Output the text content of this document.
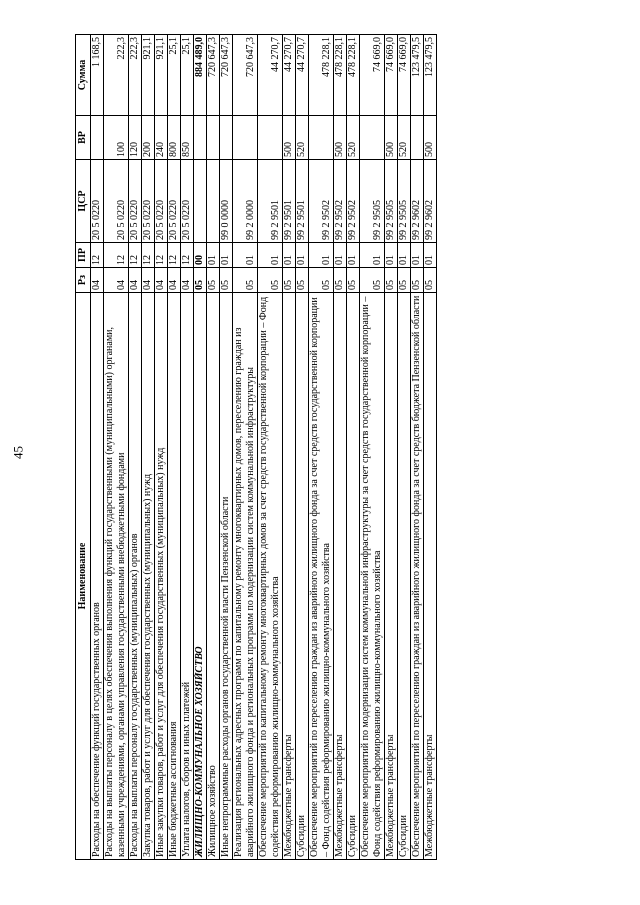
45
Наименование	Рз	ПР	ЦСР	ВР	Сумма
Расходы на обеспечение функций государственных органов	04	12	20 5 0220		1 168,5
Расходы на выплаты персоналу в целях обеспечения выполнения функций государственными (муниципальными) органами, казенными учреждениями, органами управления государственными внебюджетными фондами	04	12	20 5 0220	100	222,3
Расходы на выплаты персоналу государственных (муниципальных) органов	04	12	20 5 0220	120	222,3
Закупка товаров, работ и услуг для обеспечения государственных (муниципальных) нужд	04	12	20 5 0220	200	921,1
Иные закупки товаров, работ и услуг для обеспечения государственных (муниципальных) нужд	04	12	20 5 0220	240	921,1
Иные бюджетные ассигнования	04	12	20 5 0220	800	25,1
Уплата налогов, сборов и иных платежей	04	12	20 5 0220	850	25,1
ЖИЛИЩНО-КОММУНАЛЬНОЕ ХОЗЯЙСТВО	05	00			884 489,0
Жилищное хозяйство	05	01			720 647,3
Иные непрограммные расходы органов государственной власти Пензенской области	05	01	99 0 0000		720 647,3
Реализация региональных адресных программ по капитальному ремонту многоквартирных домов, переселению граждан из аварийного жилищного фонда и региональных программ по модернизации систем коммунальной инфраструктуры	05	01	99 2 0000		720 647,3
Обеспечение мероприятий по капитальному ремонту многоквартирных домов за счет средств государственной корпорации – Фонд содействия реформированию жилищно-коммунального хозяйства	05	01	99 2 9501		44 270,7
Межбюджетные трансферты	05	01	99 2 9501	500	44 270,7
Субсидии	05	01	99 2 9501	520	44 270,7
Обеспечение мероприятий по переселению граждан из аварийного жилищного фонда за счет средств государственной корпорации – Фонд содействия реформированию жилищно-коммунального хозяйства	05	01	99 2 9502		478 228,1
Межбюджетные трансферты	05	01	99 2 9502	500	478 228,1
Субсидии	05	01	99 2 9502	520	478 228,1
Обеспечение мероприятий по модернизации систем коммунальной инфраструктуры за счет средств государственной корпорации – Фонд содействия реформированию жилищно-коммунального хозяйства	05	01	99 2 9505		74 669,0
Межбюджетные трансферты	05	01	99 2 9505	500	74 669,0
Субсидии	05	01	99 2 9505	520	74 669,0
Обеспечение мероприятий по переселению граждан из аварийного жилищного фонда за счет средств бюджета Пензенской области	05	01	99 2 9602		123 479,5
Межбюджетные трансферты	05	01	99 2 9602	500	123 479,5
